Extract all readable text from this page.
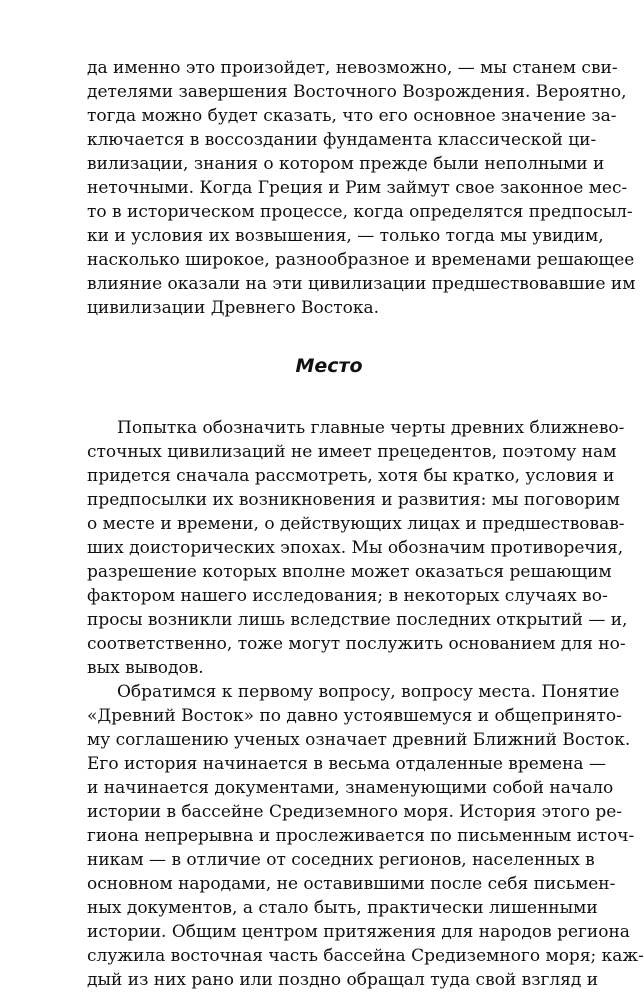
да именно это произойдет, невозможно, — мы станем сви-
детелями завершения Восточного Возрождения. Вероятно,
тогда можно будет сказать, что его основное значение за-
ключается в воссоздании фундамента классической ци-
вилизации, знания о котором прежде были неполными и
неточными. Когда Греция и Рим займут свое законное мес-
то в историческом процессе, когда определятся предпосыл-
ки и условия их возвышения, — только тогда мы увидим,
насколько широкое, разнообразное и временами решающее
влияние оказали на эти цивилизации предшествовавшие им
цивилизации Древнего Востока.
Место
Попытка обозначить главные черты древних ближнево-
сточных цивилизаций не имеет прецедентов, поэтому нам
придется сначала рассмотреть, хотя бы кратко, условия и
предпосылки их возникновения и развития: мы поговорим
о месте и времени, о действующих лицах и предшествовав-
ших доисторических эпохах. Мы обозначим противоречия,
разрешение которых вполне может оказаться решающим
фактором нашего исследования; в некоторых случаях во-
просы возникли лишь вследствие последних открытий — и,
соответственно, тоже могут послужить основанием для но-
вых выводов.
Обратимся к первому вопросу, вопросу места. Понятие
«Древний Восток» по давно устоявшемуся и общепринято-
му соглашению ученых означает древний Ближний Восток.
Его история начинается в весьма отдаленные времена —
и начинается документами, знаменующими собой начало
истории в бассейне Средиземного моря. История этого ре-
гиона непрерывна и прослеживается по письменным источ-
никам — в отличие от соседних регионов, населенных в
основном народами, не оставившими после себя письмен-
ных документов, а стало быть, практически лишенными
истории. Общим центром притяжения для народов региона
служила восточная часть бассейна Средиземного моря; каж-
дый из них рано или поздно обращал туда свой взгляд и
